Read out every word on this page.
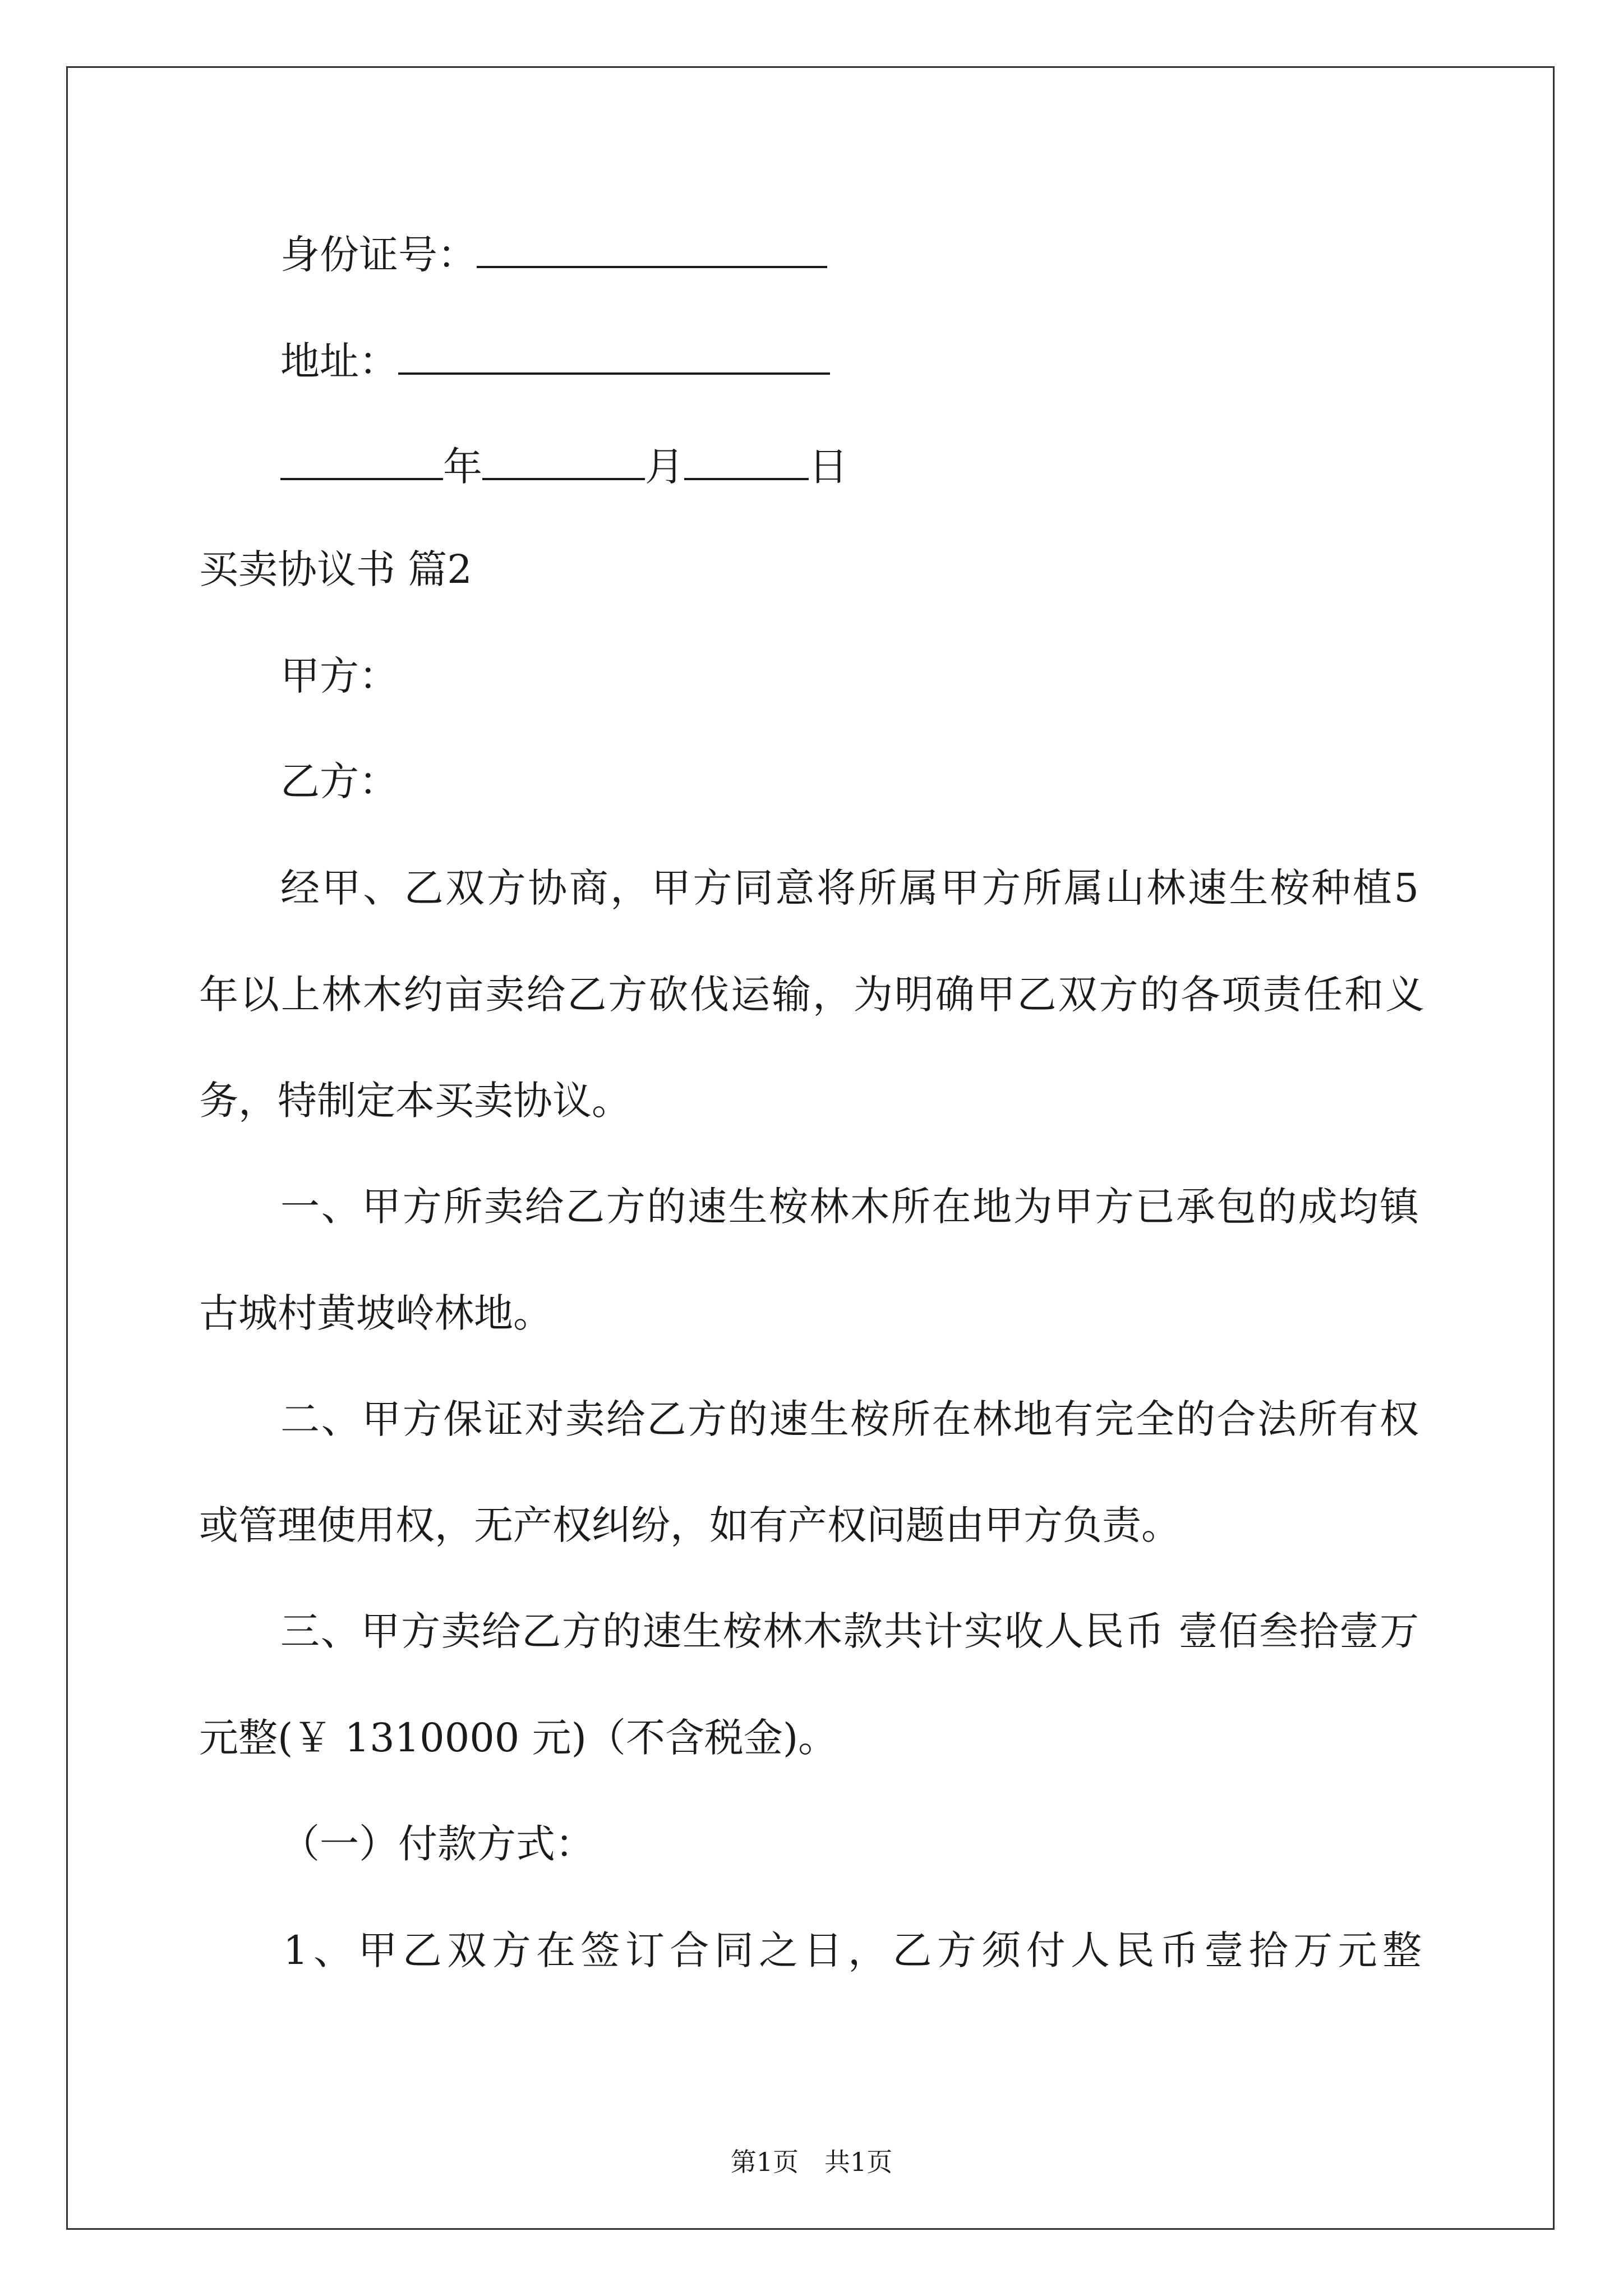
身份证号：
地址：
年	月	日
买卖协议书 篇2
甲方：
乙方：
经甲、乙双方协商，甲方同意将所属甲方所属山林速生桉种植5
年以上林木约亩卖给乙方砍伐运输，为明确甲乙双方的各项责任和义
务，特制定本买卖协议。
一、甲方所卖给乙方的速生桉林木所在地为甲方已承包的成均镇
古城村黄坡岭林地。
二、甲方保证对卖给乙方的速生桉所在林地有完全的合法所有权
或管理使用权，无产权纠纷，如有产权问题由甲方负责。
三、甲方卖给乙方的速生桉林木款共计实收人民币 壹佰叁拾壹万
元整(￥ 1310000 元)（不含税金)。
（一）付款方式：
1、甲乙双方在签订合同之日，乙方须付人民币壹拾万元整
第1页　共1页
